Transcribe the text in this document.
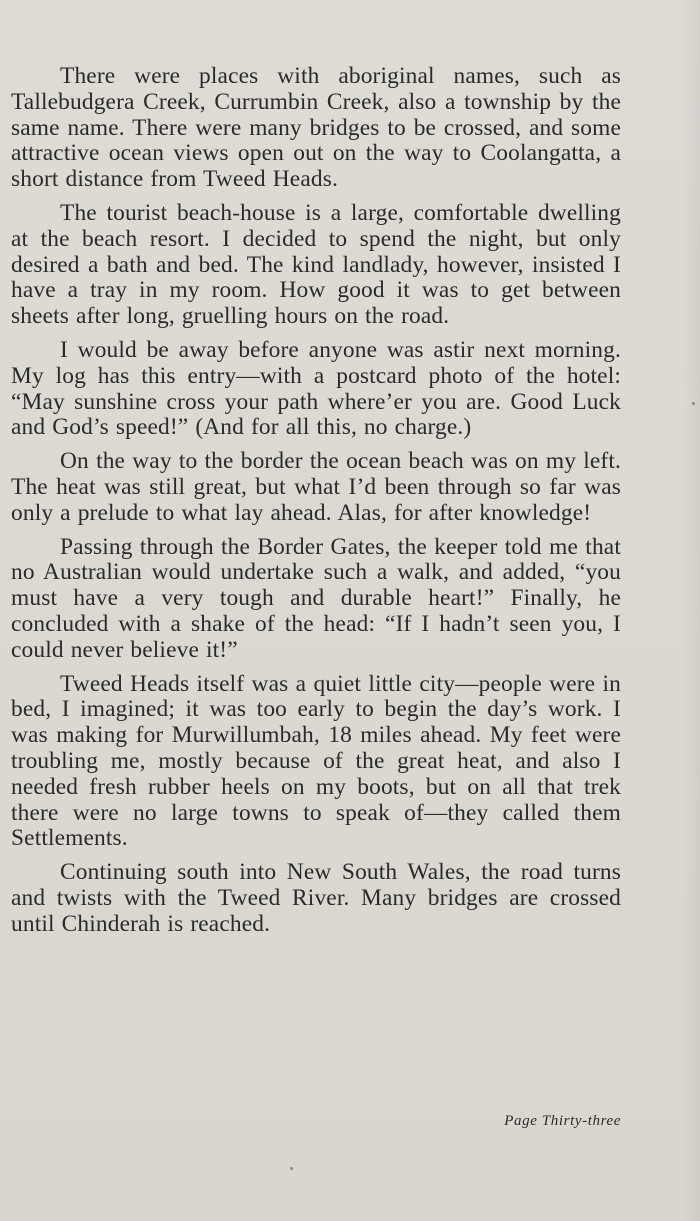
There were places with aboriginal names, such as Tallebudgera Creek, Currumbin Creek, also a township by the same name. There were many bridges to be crossed, and some attractive ocean views open out on the way to Coolangatta, a short distance from Tweed Heads.

The tourist beach-house is a large, comfortable dwelling at the beach resort. I decided to spend the night, but only desired a bath and bed. The kind landlady, however, insisted I have a tray in my room. How good it was to get between sheets after long, gruelling hours on the road.

I would be away before anyone was astir next morning. My log has this entry—with a postcard photo of the hotel: “May sunshine cross your path where’er you are. Good Luck and God’s speed!” (And for all this, no charge.)

On the way to the border the ocean beach was on my left. The heat was still great, but what I’d been through so far was only a prelude to what lay ahead. Alas, for after knowledge!

Passing through the Border Gates, the keeper told me that no Australian would undertake such a walk, and added, “you must have a very tough and durable heart!” Finally, he concluded with a shake of the head: “If I hadn’t seen you, I could never believe it!”

Tweed Heads itself was a quiet little city—people were in bed, I imagined; it was too early to begin the day’s work. I was making for Murwillumbah, 18 miles ahead. My feet were troubling me, mostly because of the great heat, and also I needed fresh rubber heels on my boots, but on all that trek there were no large towns to speak of—they called them Settlements.

Continuing south into New South Wales, the road turns and twists with the Tweed River. Many bridges are crossed until Chinderah is reached.

Page Thirty-three
